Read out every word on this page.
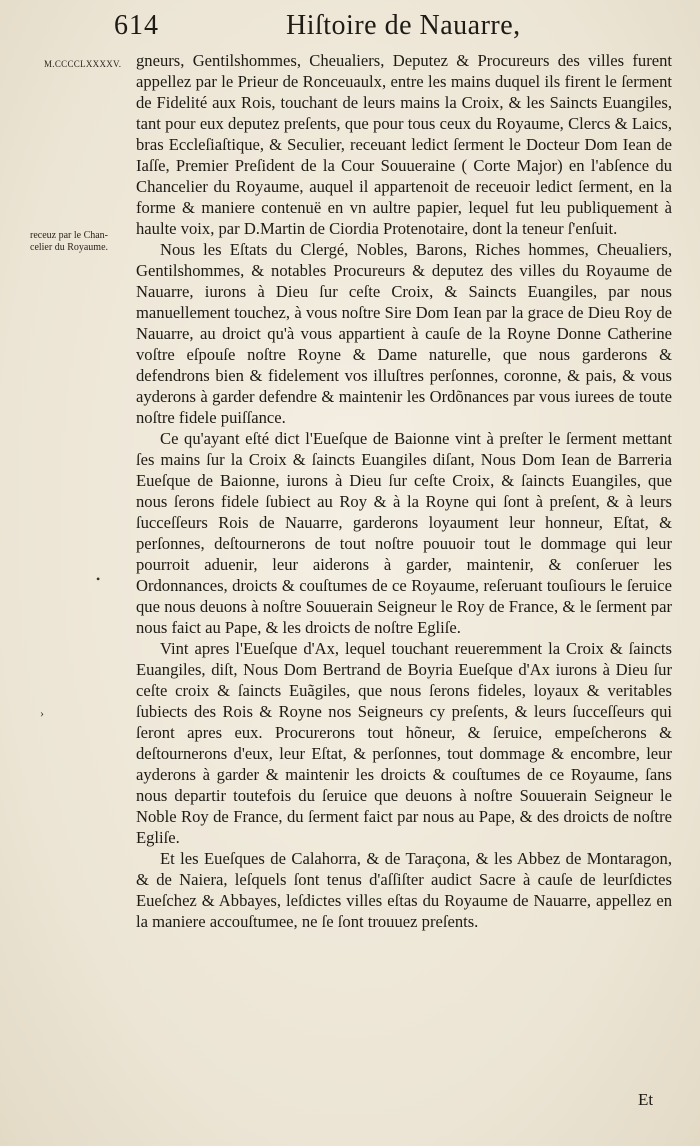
614	Hiſtoire de Nauarre,
M.CCCCLXXXXV.
receuz par le Chan-
celier du Royaume.

gneurs, Gentilshommes, Cheualiers, Deputez & Procureurs des villes furent appellez par le Prieur de Ronceuaulx, entre les mains duquel ils firent le ſerment de Fidelité aux Rois, touchant de leurs mains la Croix, & les Saincts Euangiles, tant pour eux deputez preſents, que pour tous ceux du Royaume, Clercs & Laics, bras Eccleſiaſtique, & Seculier, receuant ledict ſerment le Docteur Dom Iean de Iaſſe, Premier Preſident de la Cour Souueraine ( Corte Major) en l'abſence du Chancelier du Royaume, auquel il appartenoit de receuoir ledict ſerment, en la forme & maniere contenuë en vn aultre papier, lequel fut leu publiquement à haulte voix, par D.Martin de Ciordia Protenotaire, dont la teneur ſ'enſuit.

Nous les Eſtats du Clergé, Nobles, Barons, Riches hommes, Cheualiers, Gentilshommes, & notables Procureurs & deputez des villes du Royaume de Nauarre, iurons à Dieu ſur ceſte Croix, & Saincts Euangiles, par nous manuellement touchez, à vous noſtre Sire Dom Iean par la grace de Dieu Roy de Nauarre, au droict qu'à vous appartient à cauſe de la Royne Donne Catherine voſtre eſpouſe noſtre Royne & Dame naturelle, que nous garderons & defendrons bien & fidelement vos illuſtres perſonnes, coronne, & pais, & vous ayderons à garder defendre & maintenir les Ordõnances par vous iurees de toute noſtre fidele puiſſance.

Ce qu'ayant eſté dict l'Eueſque de Baionne vint à preſter le ſerment mettant ſes mains ſur la Croix & ſaincts Euangiles diſant, Nous Dom Iean de Barreria Eueſque de Baionne, iurons à Dieu ſur ceſte Croix, & ſaincts Euangiles, que nous ſerons fidele ſubiect au Roy & à la Royne qui ſont à preſent, & à leurs ſucceſſeurs Rois de Nauarre, garderons loyaument leur honneur, Eſtat, & perſonnes, deſtournerons de tout noſtre pouuoir tout le dommage qui leur pourroit aduenir, leur aiderons à garder, maintenir, & conſeruer les Ordonnances, droicts & couſtumes de ce Royaume, reſeruant touſiours le ſeruice que nous deuons à noſtre Souuerain Seigneur le Roy de France, & le ſerment par nous faict au Pape, & les droicts de noſtre Egliſe.

Vint apres l'Eueſque d'Ax, lequel touchant reueremment la Croix & ſaincts Euangiles, diſt, Nous Dom Bertrand de Boyria Eueſque d'Ax iurons à Dieu ſur ceſte croix & ſaincts Euãgiles, que nous ſerons fideles, loyaux & veritables ſubiects des Rois & Royne nos Seigneurs cy preſents, & leurs ſucceſſeurs qui ſeront apres eux. Procurerons tout hõneur, & ſeruice, empeſcherons & deſtournerons d'eux, leur Eſtat, & perſonnes, tout dommage & encombre, leur ayderons à garder & maintenir les droicts & couſtumes de ce Royaume, ſans nous departir toutefois du ſeruice que deuons à noſtre Souuerain Seigneur le Noble Roy de France, du ſerment faict par nous au Pape, & des droicts de noſtre Egliſe.

Et les Eueſques de Calahorra, & de Taraçona, & les Abbez de Montaragon, & de Naiera, leſquels ſont tenus d'aſſiſter audict Sacre à cauſe de leurſdictes Eueſchez & Abbayes, leſdictes villes eſtas du Royaume de Nauarre, appellez en la maniere accouſtumee, ne ſe ſont trouuez preſents.

•
›
Et
